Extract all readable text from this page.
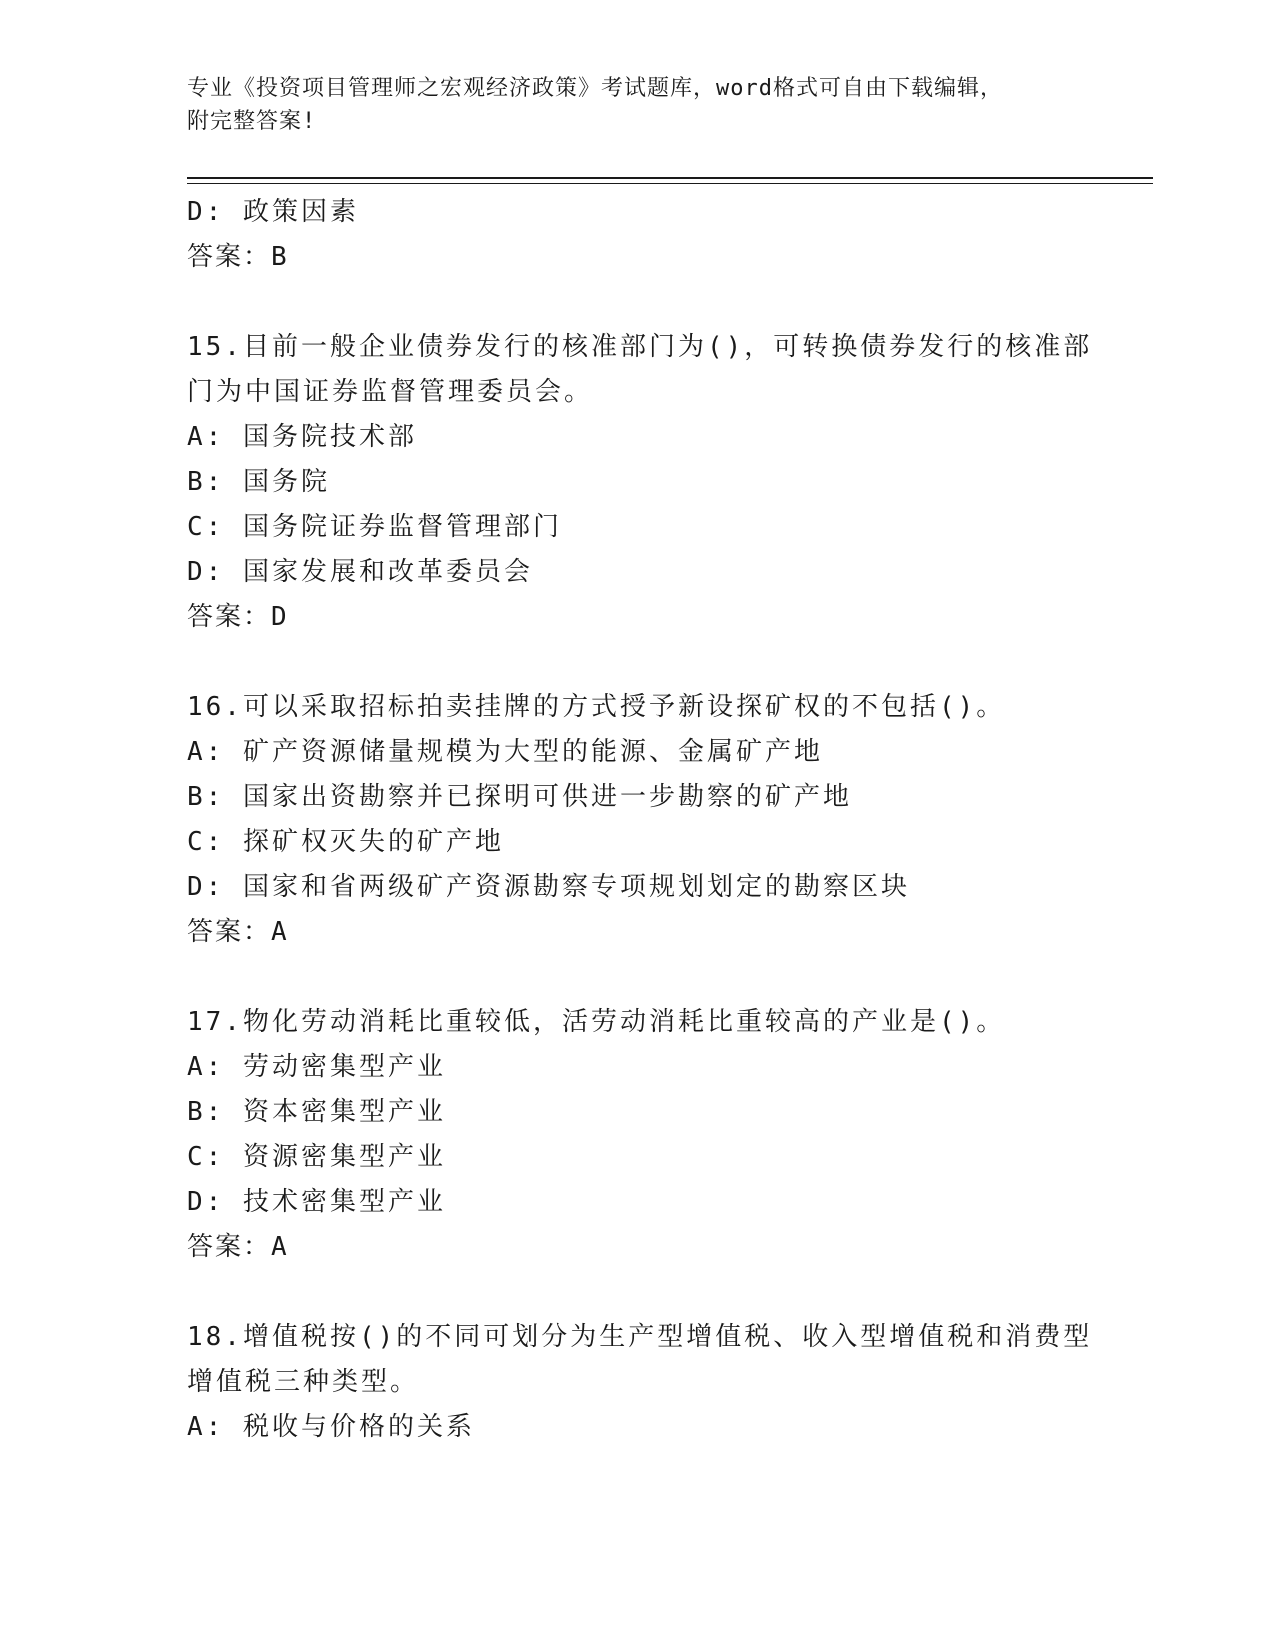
专业《投资项目管理师之宏观经济政策》考试题库，word格式可自由下载编辑，
附完整答案!
D: 政策因素
答案：B
15.目前一般企业债券发行的核准部门为()，可转换债券发行的核准部
门为中国证券监督管理委员会。
A: 国务院技术部
B: 国务院
C: 国务院证券监督管理部门
D: 国家发展和改革委员会
答案：D
16.可以采取招标拍卖挂牌的方式授予新设探矿权的不包括()。
A: 矿产资源储量规模为大型的能源、金属矿产地
B: 国家出资勘察并已探明可供进一步勘察的矿产地
C: 探矿权灭失的矿产地
D: 国家和省两级矿产资源勘察专项规划划定的勘察区块
答案：A
17.物化劳动消耗比重较低，活劳动消耗比重较高的产业是()。
A: 劳动密集型产业
B: 资本密集型产业
C: 资源密集型产业
D: 技术密集型产业
答案：A
18.增值税按()的不同可划分为生产型增值税、收入型增值税和消费型
增值税三种类型。
A: 税收与价格的关系
